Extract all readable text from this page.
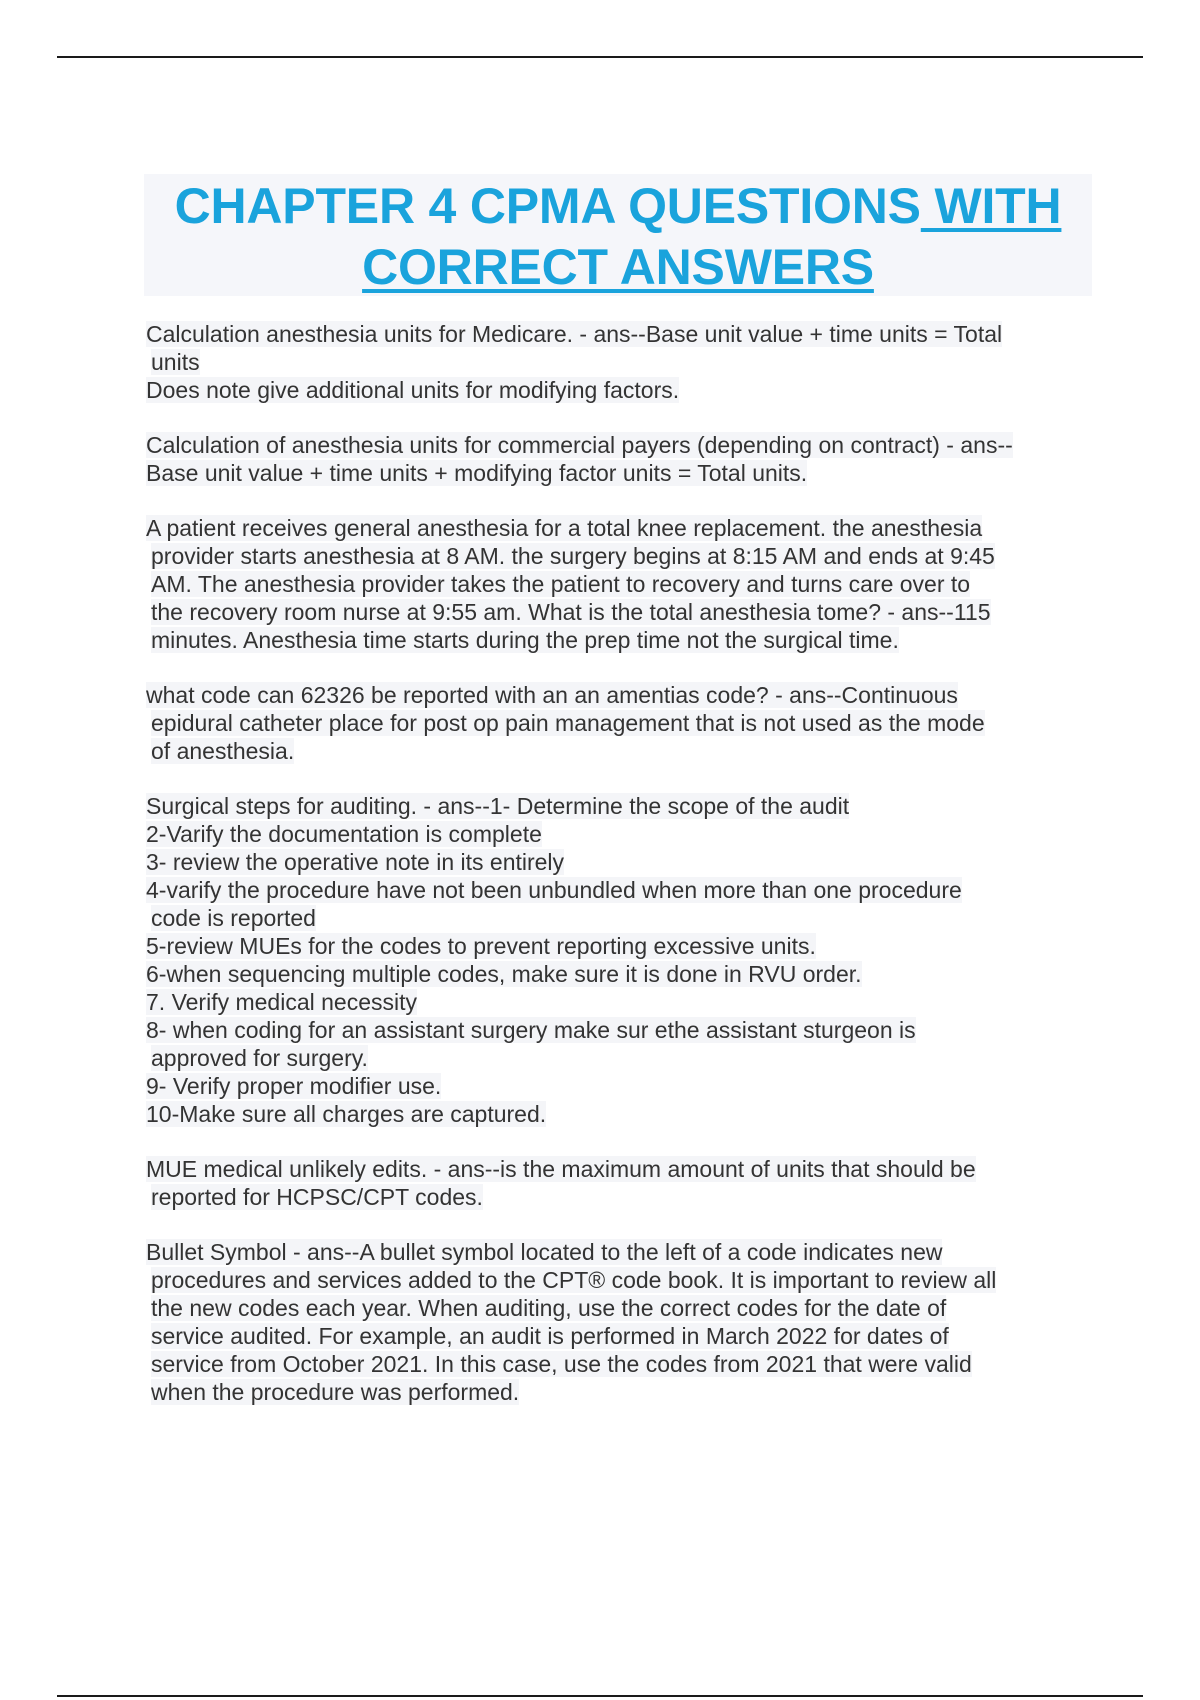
CHAPTER 4 CPMA QUESTIONS WITH
CORRECT ANSWERS
Calculation anesthesia units for Medicare. - ans--Base unit value + time units = Total
units
Does note give additional units for modifying factors.
Calculation of anesthesia units for commercial payers (depending on contract) - ans--
Base unit value + time units + modifying factor units = Total units.
A patient receives general anesthesia for a total knee replacement. the anesthesia
provider starts anesthesia at 8 AM. the surgery begins at 8:15 AM and ends at 9:45
AM. The anesthesia provider takes the patient to recovery and turns care over to
the recovery room nurse at 9:55 am. What is the total anesthesia tome? - ans--115
minutes. Anesthesia time starts during the prep time not the surgical time.
what code can 62326 be reported with an an amentias code? - ans--Continuous
epidural catheter place for post op pain management that is not used as the mode
of anesthesia.
Surgical steps for auditing. - ans--1- Determine the scope of the audit
2-Varify the documentation is complete
3- review the operative note in its entirely
4-varify the procedure have not been unbundled when more than one procedure
code is reported
5-review MUEs for the codes to prevent reporting excessive units.
6-when sequencing multiple codes, make sure it is done in RVU order.
7. Verify medical necessity
8- when coding for an assistant surgery make sur ethe assistant sturgeon is
approved for surgery.
9- Verify proper modifier use.
10-Make sure all charges are captured.
MUE medical unlikely edits. - ans--is the maximum amount of units that should be
reported for HCPSC/CPT codes.
Bullet Symbol - ans--A bullet symbol located to the left of a code indicates new
procedures and services added to the CPT® code book. It is important to review all
the new codes each year. When auditing, use the correct codes for the date of
service audited. For example, an audit is performed in March 2022 for dates of
service from October 2021. In this case, use the codes from 2021 that were valid
when the procedure was performed.
